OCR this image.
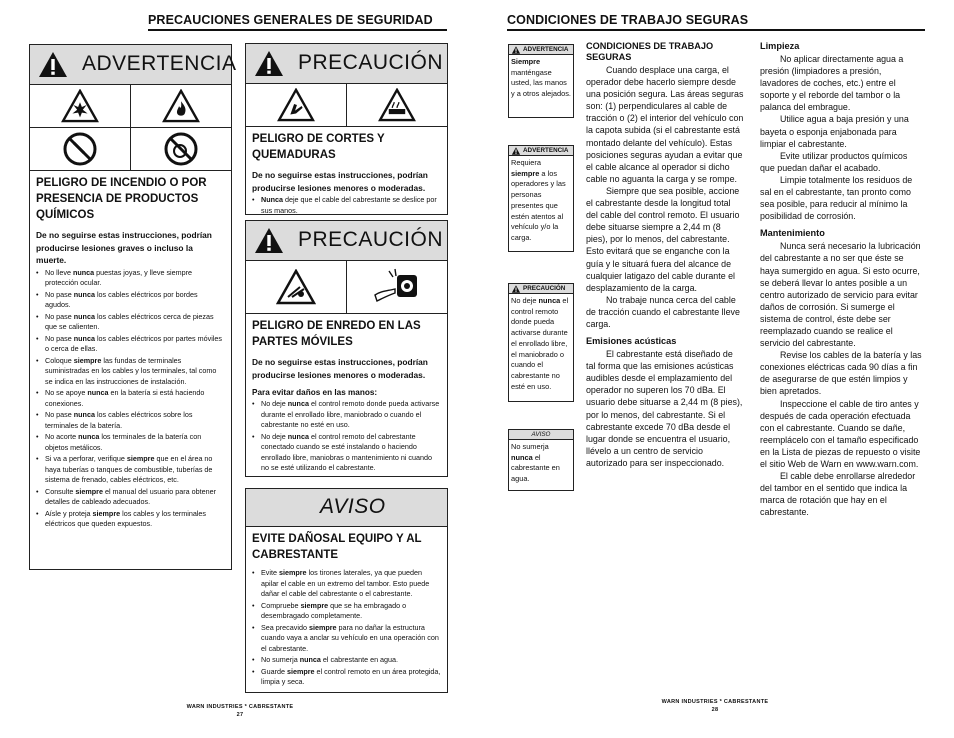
PRECAUCIONES GENERALES DE SEGURIDAD
ADVERTENCIA
PELIGRO DE INCENDIO O POR PRESENCIA DE PRODUCTOS QUÍMICOS
De no seguirse estas instrucciones, podrían producirse lesiones graves o incluso la muerte.
• No lleve nunca puestas joyas, y lleve siempre protección ocular.
• No pase nunca los cables eléctricos por bordes agudos.
• No pase nunca los cables eléctricos cerca de piezas que se calienten.
• No pase nunca los cables eléctricos por partes móviles o cerca de ellas.
• Coloque siempre las fundas de terminales suministradas en los cables y los terminales, tal como se indica en las instrucciones de instalación.
• No se apoye nunca en la batería si está haciendo conexiones.
• No pase nunca los cables eléctricos sobre los terminales de la batería.
• No acorte nunca los terminales de la batería con objetos metálicos.
• Si va a perforar, verifique siempre que en el área no haya tuberías o tanques de combustible, tuberías de sistema de frenado, cables eléctricos, etc.
• Consulte siempre el manual del usuario para obtener detalles de cableado adecuados.
• Aísle y proteja siempre los cables y los terminales eléctricos que queden expuestos.
PRECAUCIÓN
PELIGRO DE CORTES Y QUEMADURAS
De no seguirse estas instrucciones, podrían producirse lesiones menores o moderadas.
• Nunca deje que el cable del cabrestante se deslice por sus manos.
PRECAUCIÓN
PELIGRO DE ENREDO EN LAS PARTES MÓVILES
De no seguirse estas instrucciones, podrían producirse lesiones menores o moderadas.
Para evitar daños en las manos:
• No deje nunca el control remoto donde pueda activarse durante el enrollado libre, maniobrado o cuando el cabrestante no esté en uso.
• No deje nunca el control remoto del cabrestante conectado cuando se esté instalando o haciendo enrollado libre, maniobras o mantenimiento ni cuando no se esté utilizando el cabrestante.
AVISO
EVITE DAÑOSAL EQUIPO Y AL CABRESTANTE
• Evite siempre los tirones laterales, ya que pueden apilar el cable en un extremo del tambor. Esto puede dañar el cable del cabrestante o el cabrestante.
• Compruebe siempre que se ha embragado o desembragado completamente.
• Sea precavido siempre para no dañar la estructura cuando vaya a anclar su vehículo en una operación con el cabrestante.
• No sumerja nunca el cabrestante en agua.
• Guarde siempre el control remoto en un área protegida, limpia y seca.
WARN INDUSTRIES * CABRESTANTE
27
CONDICIONES DE TRABAJO SEGURAS
ADVERTENCIA
Siempre manténgase usted, las manos y a otros alejados.
ADVERTENCIA
Requiera siempre a los operadores y las personas presentes que estén atentos al vehículo y/o la carga.
PRECAUCIÓN
No deje nunca el control remoto donde pueda activarse durante el enrollado libre, el maniobrado o cuando el cabrestante no esté en uso.
AVISO
No sumerja nunca el cabrestante en agua.
CONDICIONES DE TRABAJO SEGURAS

Cuando desplace una carga, el operador debe hacerlo siempre desde una posición segura. Las áreas seguras son: (1) perpendiculares al cable de tracción o (2) el interior del vehículo con la capota subida (si el cabrestante está montado delante del vehículo). Estas posiciones seguras ayudan a evitar que el cable alcance al operador si dicho cable no aguanta la carga y se rompe.

Siempre que sea posible, accione el cabrestante desde la longitud total del cable del control remoto. El usuario debe situarse siempre a 2,44 m (8 pies), por lo menos, del cabrestante. Esto evitará que se enganche con la guía y le situará fuera del alcance de cualquier latigazo del cable durante el desplazamiento de la carga.

No trabaje nunca cerca del cable de tracción cuando el cabrestante lleve carga.

Emisiones acústicas

El cabrestante está diseñado de tal forma que las emisiones acústicas audibles desde el emplazamiento del operador no superen los 70 dBa. El usuario debe situarse a 2,44 m (8 pies), por lo menos, del cabrestante. Si el cabrestante excede 70 dBa desde el lugar donde se encuentra el usuario, llévelo a un centro de servicio autorizado para ser inspeccionado.

Limpieza

No aplicar directamente agua a presión (limpiadores a presión, lavadores de coches, etc.) entre el soporte y el reborde del tambor o la palanca del embrague.

Utilice agua a baja presión y una bayeta o esponja enjabonada para limpiar el cabrestante.

Evite utilizar productos químicos que puedan dañar el acabado.

Limpie totalmente los residuos de sal en el cabrestante, tan pronto como sea posible, para reducir al mínimo la posibilidad de corrosión.

Mantenimiento

Nunca será necesario la lubricación del cabrestante a no ser que éste se haya sumergido en agua. Si esto ocurre, se deberá llevar lo antes posible a un centro autorizado de servicio para evitar daños de corrosión. Si sumerge el sistema de control, éste debe ser reemplazado cuando se realice el servicio del cabrestante.

Revise los cables de la batería y las conexiones eléctricas cada 90 días a fin de asegurarse de que estén limpios y bien apretados.

Inspeccione el cable de tiro antes y después de cada operación efectuada con el cabrestante. Cuando se dañe, reemplácelo con el tamaño especificado en la Lista de piezas de repuesto o visite el sitio Web de Warn en www.warn.com.

El cable debe enrollarse alrededor del tambor en el sentido que indica la marca de rotación que hay en el cabrestante.

WARN INDUSTRIES * CABRESTANTE
28
